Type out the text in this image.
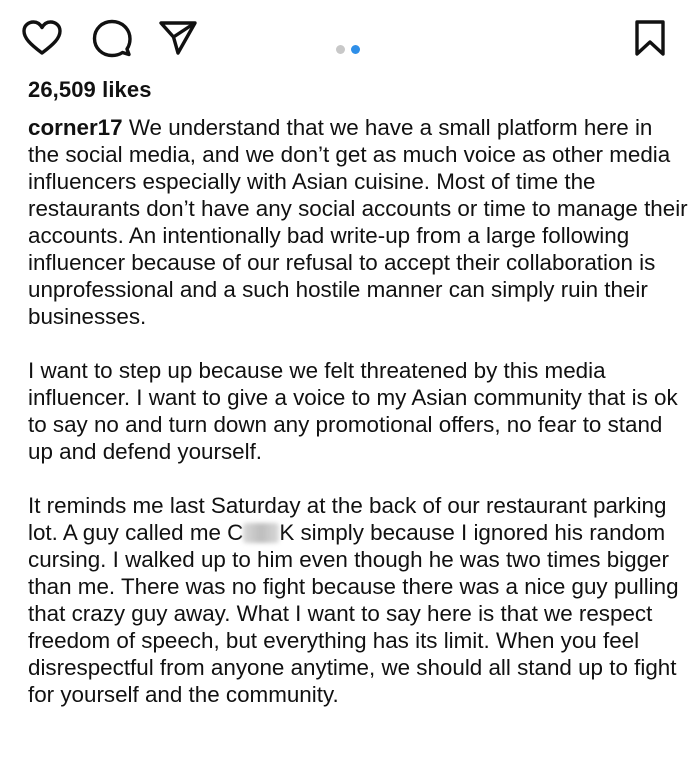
26,509 likes

corner17 We understand that we have a small platform here in the social media, and we don’t get as much voice as other media influencers especially with Asian cuisine. Most of time the restaurants don’t have any social accounts or time to manage their accounts. An intentionally bad write-up from a large following influencer because of our refusal to accept their collaboration is unprofessional and a such hostile manner can simply ruin their businesses.

I want to step up because we felt threatened by this media influencer. I want to give a voice to my Asian community that is ok to say no and turn down any promotional offers, no fear to stand up and defend yourself.

It reminds me last Saturday at the back of our restaurant parking lot. A guy called me C K simply because I ignored his random cursing. I walked up to him even though he was two times bigger than me. There was no fight because there was a nice guy pulling that crazy guy away. What I want to say here is that we respect freedom of speech, but everything has its limit. When you feel disrespectful from anyone anytime, we should all stand up to fight for yourself and the community.
